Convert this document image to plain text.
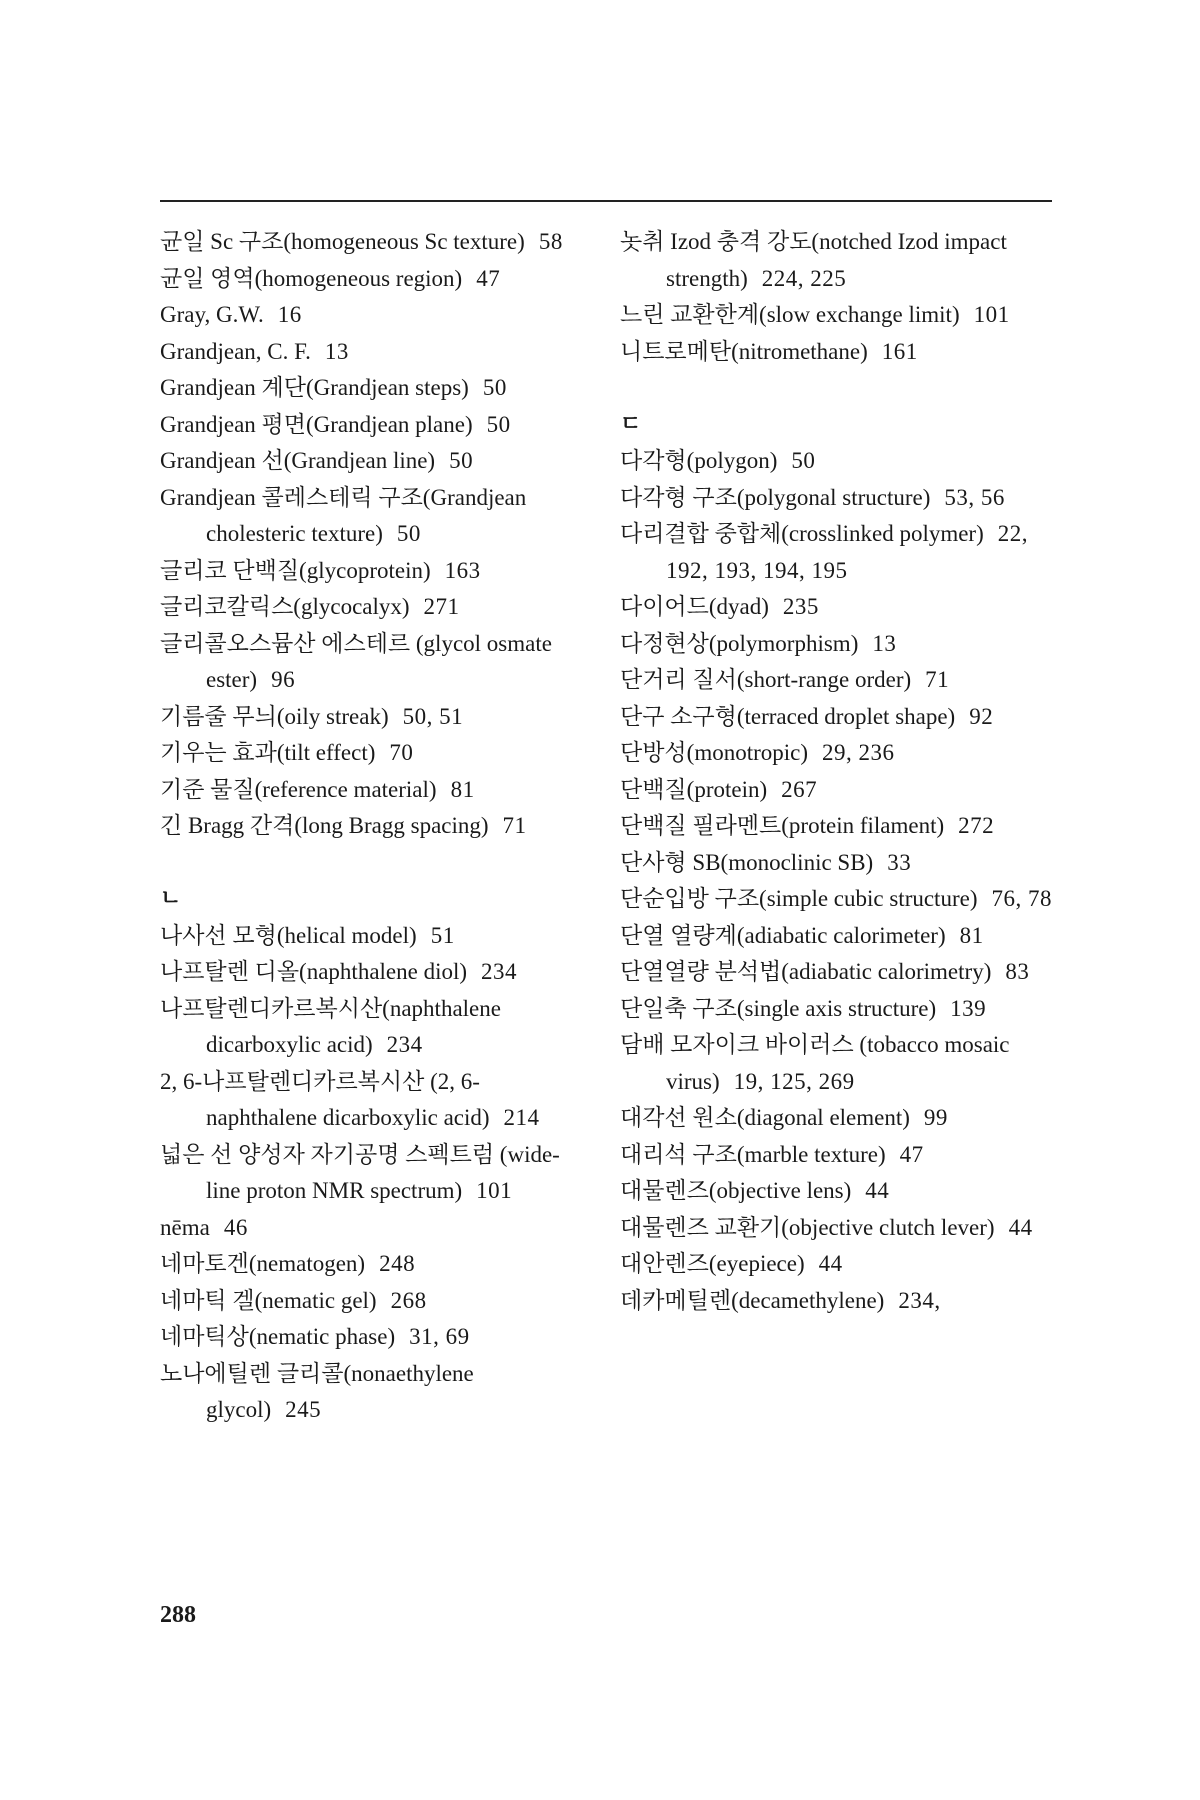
균일 Sc 구조(homogeneous Sc texture) 58
균일 영역(homogeneous region) 47
Gray, G.W. 16
Grandjean, C. F. 13
Grandjean 계단(Grandjean steps) 50
Grandjean 평면(Grandjean plane) 50
Grandjean 선(Grandjean line) 50
Grandjean 콜레스테릭 구조(Grandjean cholesteric texture) 50
글리코 단백질(glycoprotein) 163
글리코칼릭스(glycocalyx) 271
글리콜오스뮴산 에스테르 (glycol osmate ester) 96
기름줄 무늬(oily streak) 50, 51
기우는 효과(tilt effect) 70
기준 물질(reference material) 81
긴 Bragg 간격(long Bragg spacing) 71
ㄴ
나사선 모형(helical model) 51
나프탈렌 디올(naphthalene diol) 234
나프탈렌디카르복시산(naphthalene dicarboxylic acid) 234
2, 6-나프탈렌디카르복시산 (2, 6-naphthalene dicarboxylic acid) 214
넓은 선 양성자 자기공명 스펙트럼 (wide-line proton NMR spectrum) 101
nēma 46
네마토겐(nematogen) 248
네마틱 겔(nematic gel) 268
네마틱상(nematic phase) 31, 69
노나에틸렌 글리콜(nonaethylene glycol) 245
놋취 Izod 충격 강도(notched Izod impact strength) 224, 225
느린 교환한계(slow exchange limit) 101
니트로메탄(nitromethane) 161
ㄷ
다각형(polygon) 50
다각형 구조(polygonal structure) 53, 56
다리결합 중합체(crosslinked polymer) 22, 192, 193, 194, 195
다이어드(dyad) 235
다정현상(polymorphism) 13
단거리 질서(short-range order) 71
단구 소구형(terraced droplet shape) 92
단방성(monotropic) 29, 236
단백질(protein) 267
단백질 필라멘트(protein filament) 272
단사형 SB(monoclinic SB) 33
단순입방 구조(simple cubic structure) 76, 78
단열 열량계(adiabatic calorimeter) 81
단열열량 분석법(adiabatic calorimetry) 83
단일축 구조(single axis structure) 139
담배 모자이크 바이러스 (tobacco mosaic virus) 19, 125, 269
대각선 원소(diagonal element) 99
대리석 구조(marble texture) 47
대물렌즈(objective lens) 44
대물렌즈 교환기(objective clutch lever) 44
대안렌즈(eyepiece) 44
데카메틸렌(decamethylene) 234,
288
